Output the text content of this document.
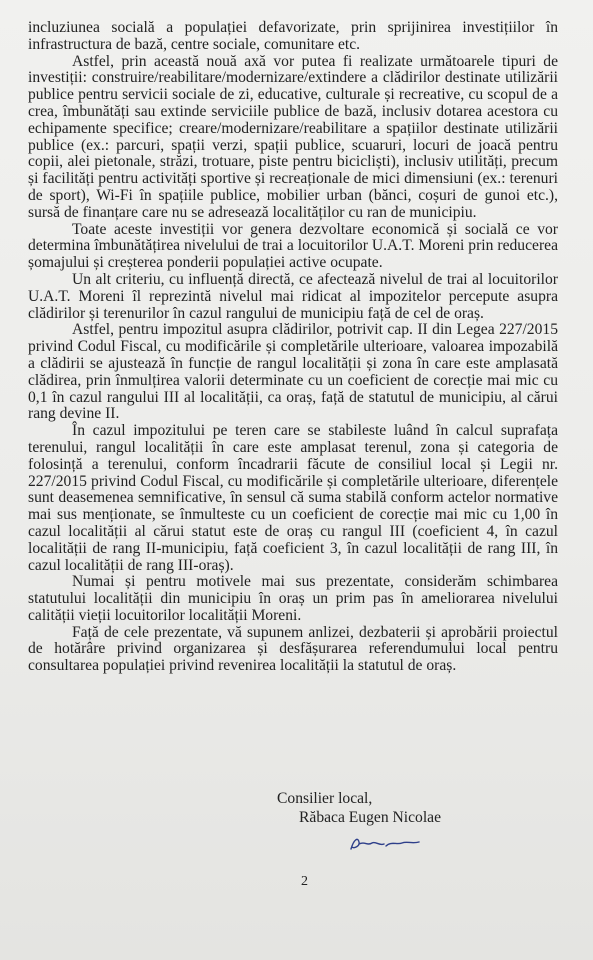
incluziunea socială a populației defavorizate, prin sprijinirea investițiilor în infrastructura de bază, centre sociale, comunitare etc.

Astfel, prin această nouă axă vor putea fi realizate următoarele tipuri de investiții: construire/reabilitare/modernizare/extindere a clădirilor destinate utilizării publice pentru servicii sociale de zi, educative, culturale și recreative, cu scopul de a crea, îmbunătăți sau extinde serviciile publice de bază, inclusiv dotarea acestora cu echipamente specifice; creare/modernizare/reabilitare a spațiilor destinate utilizării publice (ex.: parcuri, spații verzi, spații publice, scuaruri, locuri de joacă pentru copii, alei pietonale, străzi, trotuare, piste pentru bicicliști), inclusiv utilități, precum și facilități pentru activități sportive și recreaționale de mici dimensiuni (ex.: terenuri de sport), Wi-Fi în spațiile publice, mobilier urban (bănci, coșuri de gunoi etc.), sursă de finanțare care nu se adresează localităților cu ran de municipiu.

Toate aceste investiții vor genera dezvoltare economică și socială ce vor determina îmbunătățirea nivelului de trai a locuitorilor U.A.T. Moreni prin reducerea șomajului și creșterea ponderii populației active ocupate.

Un alt criteriu, cu influență directă, ce afectează nivelul de trai al locuitorilor U.A.T. Moreni îl reprezintă nivelul mai ridicat al impozitelor percepute asupra clădirilor și terenurilor în cazul rangului de municipiu față de cel de oraș.

Astfel, pentru impozitul asupra clădirilor, potrivit cap. II din Legea 227/2015 privind Codul Fiscal, cu modificările și completările ulterioare, valoarea impozabilă a clădirii se ajustează în funcție de rangul localității și zona în care este amplasată clădirea, prin înmulțirea valorii determinate cu un coeficient de corecție mai mic cu 0,1 în cazul rangului III al localității, ca oraș, față de statutul de municipiu, al cărui rang devine II.

În cazul impozitului pe teren care se stabileste luând în calcul suprafața terenului, rangul localității în care este amplasat terenul, zona și categoria de folosință a terenului, conform încadrarii făcute de consiliul local și Legii nr. 227/2015 privind Codul Fiscal, cu modificările și completările ulterioare, diferențele sunt deasemenea semnificative, în sensul că suma stabilă conform actelor normative mai sus menționate, se înmulteste cu un coeficient de corecție mai mic cu 1,00 în cazul localității al cărui statut este de oraș cu rangul III (coeficient 4, în cazul localității de rang II-municipiu, față coeficient 3, în cazul localității de rang III, în cazul localității de rang III-oraș).

Numai și pentru motivele mai sus prezentate, considerăm schimbarea statutului localității din municipiu în oraș un prim pas în ameliorarea nivelului calității vieții locuitorilor localității Moreni.

Față de cele prezentate, vă supunem anlizei, dezbaterii și aprobării proiectul de hotărâre privind organizarea și desfășurarea referendumului local pentru consultarea populației privind revenirea localității la statutul de oraș.

Consilier local,
Răbaca Eugen Nicolae
2
